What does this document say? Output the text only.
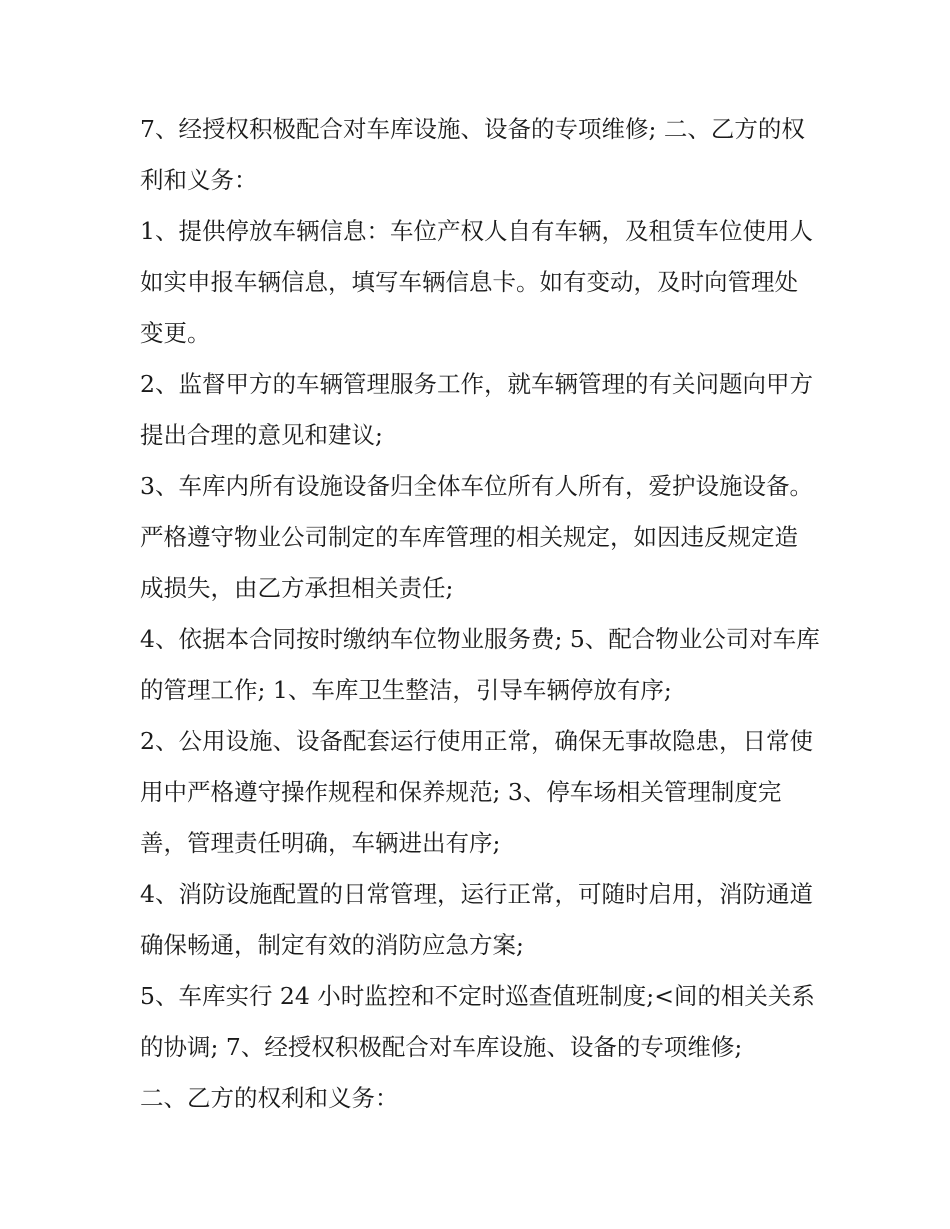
7、经授权积极配合对车库设施、设备的专项维修; 二、乙方的权利和义务：

1、提供停放车辆信息：车位产权人自有车辆，及租赁车位使用人如实申报车辆信息，填写车辆信息卡。如有变动，及时向管理处变更。

2、监督甲方的车辆管理服务工作，就车辆管理的有关问题向甲方提出合理的意见和建议;

3、车库内所有设施设备归全体车位所有人所有，爱护设施设备。严格遵守物业公司制定的车库管理的相关规定，如因违反规定造成损失，由乙方承担相关责任;

4、依据本合同按时缴纳车位物业服务费; 5、配合物业公司对车库的管理工作; 1、车库卫生整洁，引导车辆停放有序;

2、公用设施、设备配套运行使用正常，确保无事故隐患，日常使用中严格遵守操作规程和保养规范; 3、停车场相关管理制度完善，管理责任明确，车辆进出有序;

4、消防设施配置的日常管理，运行正常，可随时启用，消防通道确保畅通，制定有效的消防应急方案;

5、车库实行 24 小时监控和不定时巡查值班制度;<间的相关关系的协调; 7、经授权积极配合对车库设施、设备的专项维修;

二、乙方的权利和义务：
